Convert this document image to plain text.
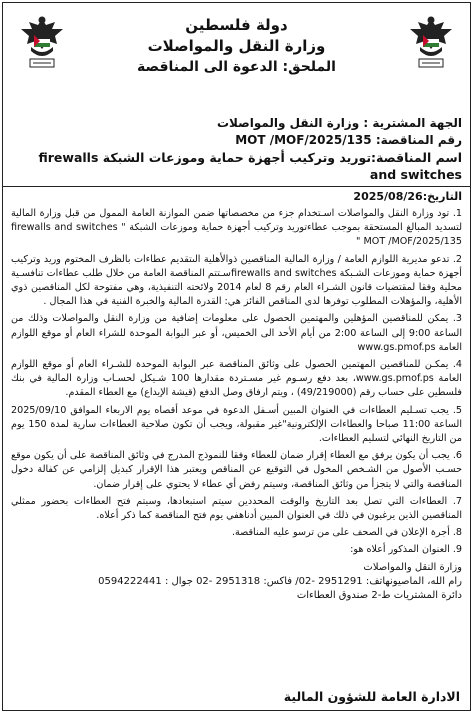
دولة فلسطين
وزارة النقل والمواصلات
الملحق: الدعوة الى المناقصة
الجهة المشترية : وزارة النقل والمواصلات
رقم المناقصة: MOT /MOF/2025/135
اسم المناقصة:توريد وتركيب أجهزة حماية وموزعات الشبكة firewalls and switches
التاريخ:2025/08/26

1. تود وزارة النقل والمواصلات اسـتخدام جزء من مخصصاتها ضمن الموازنة العامة الممول من قبل وزارة المالية لتسديد المبالغ المستحقة بموجب عطاءتوريد وتركيب أجهزة حماية وموزعات الشبكة firewalls and switches " MOT /MOF/2025/135 "

2. تدعو مديرية اللوازم العامة / وزارة المالية المناقصين ذوالأهلية الىتقديم عطاءات بالظرف المختوم وريد وتركيب أجهزة حماية وموزعات الشـبكة firewalls and switchesسـتتم المناقصة العامة من خلال طلب عطاءات تنافسـية محلية وفقا لمقتضيات قانون الشـراء العام رقم 8 لعام 2014 ولائحته التنفيذية، وهي مفتوحة لكل المناقصين ذوي الأهلية، والمؤهلات المطلوب توفرها لدى المناقص الفائز هي: القدرة المالية والخبرة الفنية في هذا المجال .

3. يمكن للمناقصين المؤهلين والمهتمين الحصول على معلومات إضافية من وزارة النقل والمواصلات وذلك من الساعة 9:00 إلى الساعة 2:00 من أيام الأحد الى الخميس، أو عبر البوابة الموحدة للشراء العام أو موقع اللوازم العامة www.gs.pmof.ps

4. يمكـن للمناقصين المهتمين الحصول على وثائق المناقصة عبر البوابة الموحدة للشـراء العام أو موقع اللوازم العامة www.gs.pmof.ps، بعد دفع رسـوم غير مسـتردة مقدارها 100 شـيكل لحسـاب وزارة المالية في بنك فلسطين على حساب رقم (49/219000) ، ويتم ارفاق وصل الدفع (قيشة الإيداع) مع العطاء المقدم.

5. يجب تسـليم العطاءات في العنوان المبين أسـفل الدعوة في موعد أقصاه يوم الاربعاء الموافق 2025/09/10 الساعة 11:00 صباحا والعطاءات الإلكترونية"غير مقبولة، ويجب أن تكون صلاحية العطاءات سارية لمدة 150 يوم من التاريخ النهائي لتسليم العطاءات.

6. يجب أن يكون يرفق مع العطاء إقرار ضمان للعطاء وفقا للنموذج المدرج في وثائق المناقصة على أن يكون موقع حسـب الأصول من الشـخص المخول في التوقيع عن المناقص ويعتبر هذا الإقرار كبديل إلزامي عن كفالة دخول المناقصة والتي لا يتجزأ من وثائق المناقصة، وسيتم رفض أي عطاء لا يحتوي على إقرار ضمان.

7. العطاءات التي تصل بعد التاريخ والوقت المحددين سيتم استبعادها، وسيتم فتح العطاءات بحضور ممثلي المناقصين الذين يرغبون في ذلك في العنوان المبين أدناهفي يوم فتح المناقصة كما ذكر أعلاه.

8. أجرة الإعلان في الصحف على من ترسو عليه المناقصة.

9. العنوان المذكور أعلاه هو:

وزارة النقل والمواصلات
رام الله، الماصيونهاتف: 2951291 -02/ فاكس: 2951318 -02 جوال : 0594222441
دائرة المشتريات ط-2 صندوق العطاءات
الادارة العامة للشؤون المالية
